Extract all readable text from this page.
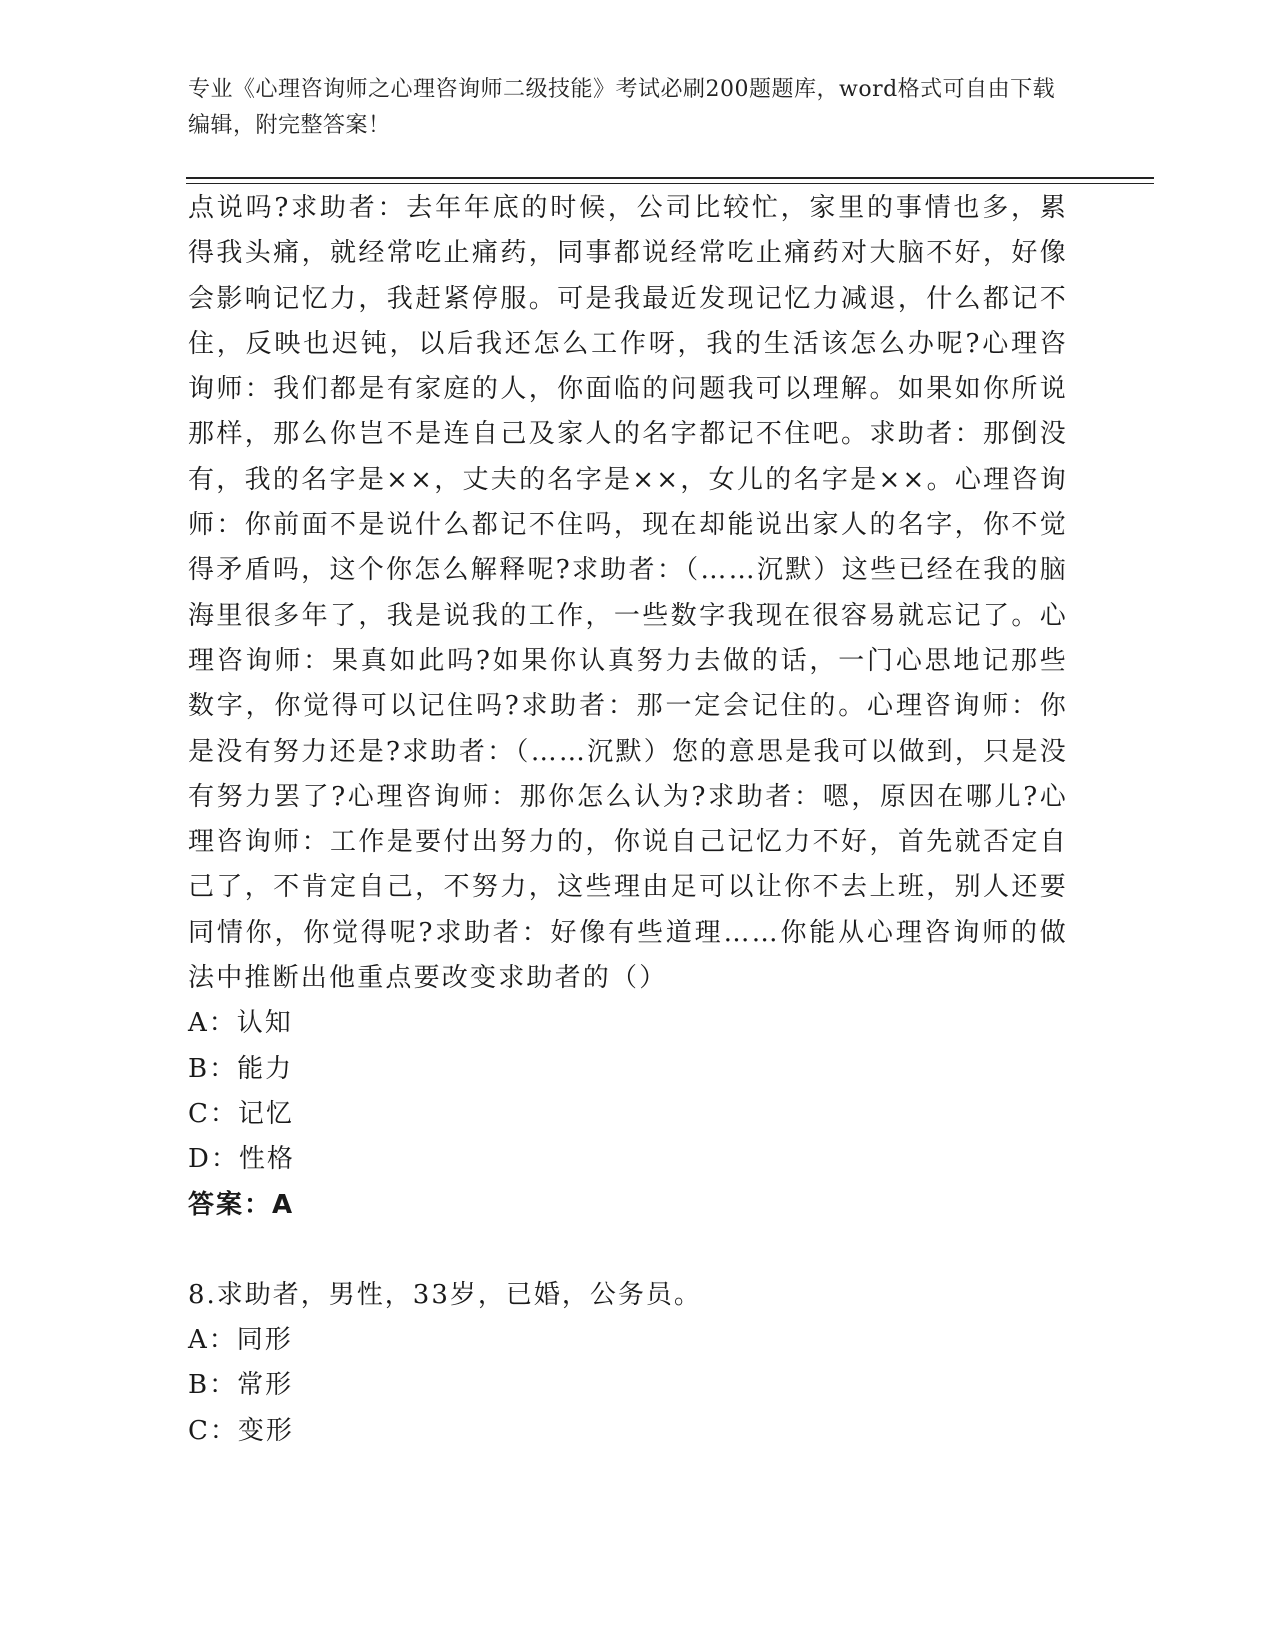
专业《心理咨询师之心理咨询师二级技能》考试必刷200题题库，word格式可自由下载编辑，附完整答案！

点说吗?求助者：去年年底的时候，公司比较忙，家里的事情也多，累得我头痛，就经常吃止痛药，同事都说经常吃止痛药对大脑不好，好像会影响记忆力，我赶紧停服。可是我最近发现记忆力减退，什么都记不住，反映也迟钝，以后我还怎么工作呀，我的生活该怎么办呢?心理咨询师：我们都是有家庭的人，你面临的问题我可以理解。如果如你所说那样，那么你岂不是连自己及家人的名字都记不住吧。求助者：那倒没有，我的名字是××，丈夫的名字是××，女儿的名字是××。心理咨询师：你前面不是说什么都记不住吗，现在却能说出家人的名字，你不觉得矛盾吗，这个你怎么解释呢?求助者：（……沉默）这些已经在我的脑海里很多年了，我是说我的工作，一些数字我现在很容易就忘记了。心理咨询师：果真如此吗?如果你认真努力去做的话，一门心思地记那些数字，你觉得可以记住吗?求助者：那一定会记住的。心理咨询师：你是没有努力还是?求助者：（……沉默）您的意思是我可以做到，只是没有努力罢了?心理咨询师：那你怎么认为?求助者：嗯，原因在哪儿?心理咨询师：工作是要付出努力的，你说自己记忆力不好，首先就否定自己了，不肯定自己，不努力，这些理由足可以让你不去上班，别人还要同情你，你觉得呢?求助者：好像有些道理……你能从心理咨询师的做法中推断出他重点要改变求助者的（）

A：认知

B：能力

C：记忆

D：性格

答案：A

8.求助者，男性，33岁，已婚，公务员。

A：同形

B：常形

C：变形
